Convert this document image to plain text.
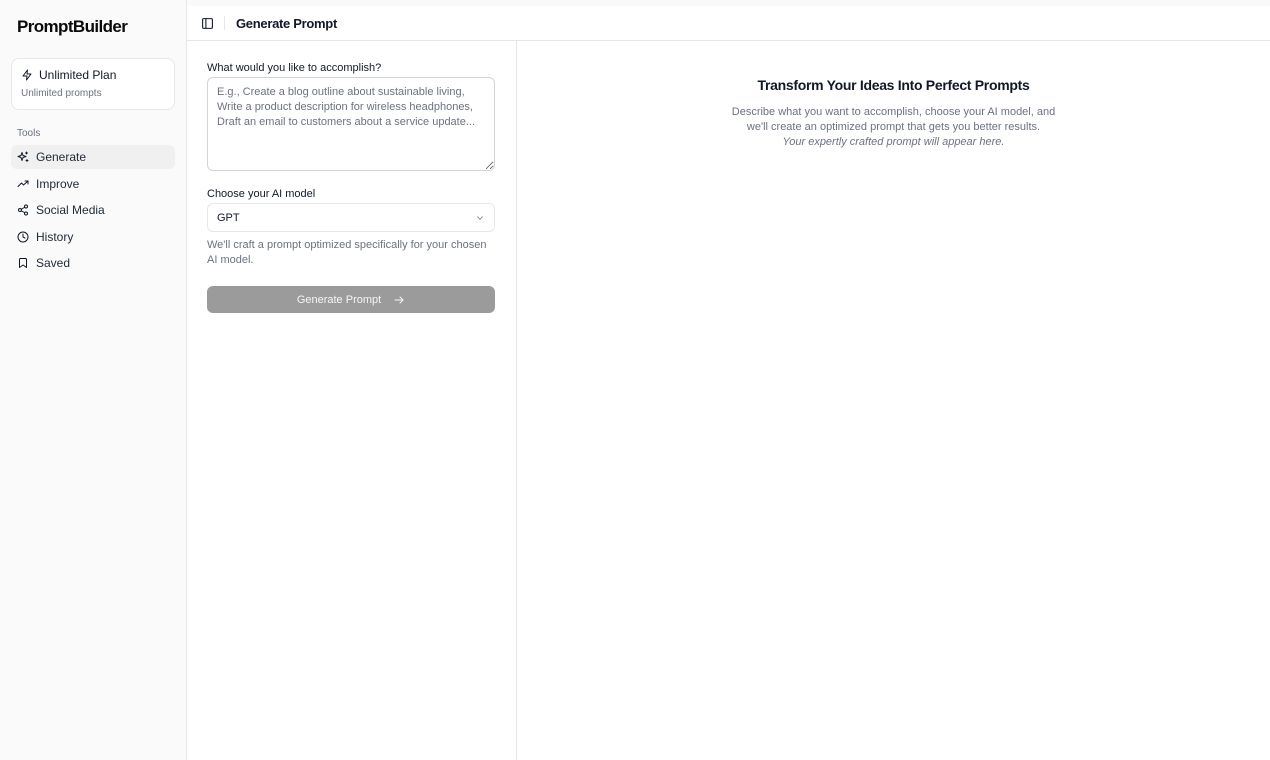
PromptBuilder
Unlimited Plan
Unlimited prompts
Tools
Generate
Improve
Social Media
History
Saved
Generate Prompt
What would you like to accomplish?
E.g., Create a blog outline about sustainable living, Write a product description for wireless headphones, Draft an email to customers about a service update...
Choose your AI model
GPT

We'll craft a prompt optimized specifically for your chosen AI model.

Generate Prompt
Transform Your Ideas Into Perfect Prompts

Describe what you want to accomplish, choose your AI model, and we'll create an optimized prompt that gets you better results.

Your expertly crafted prompt will appear here.
